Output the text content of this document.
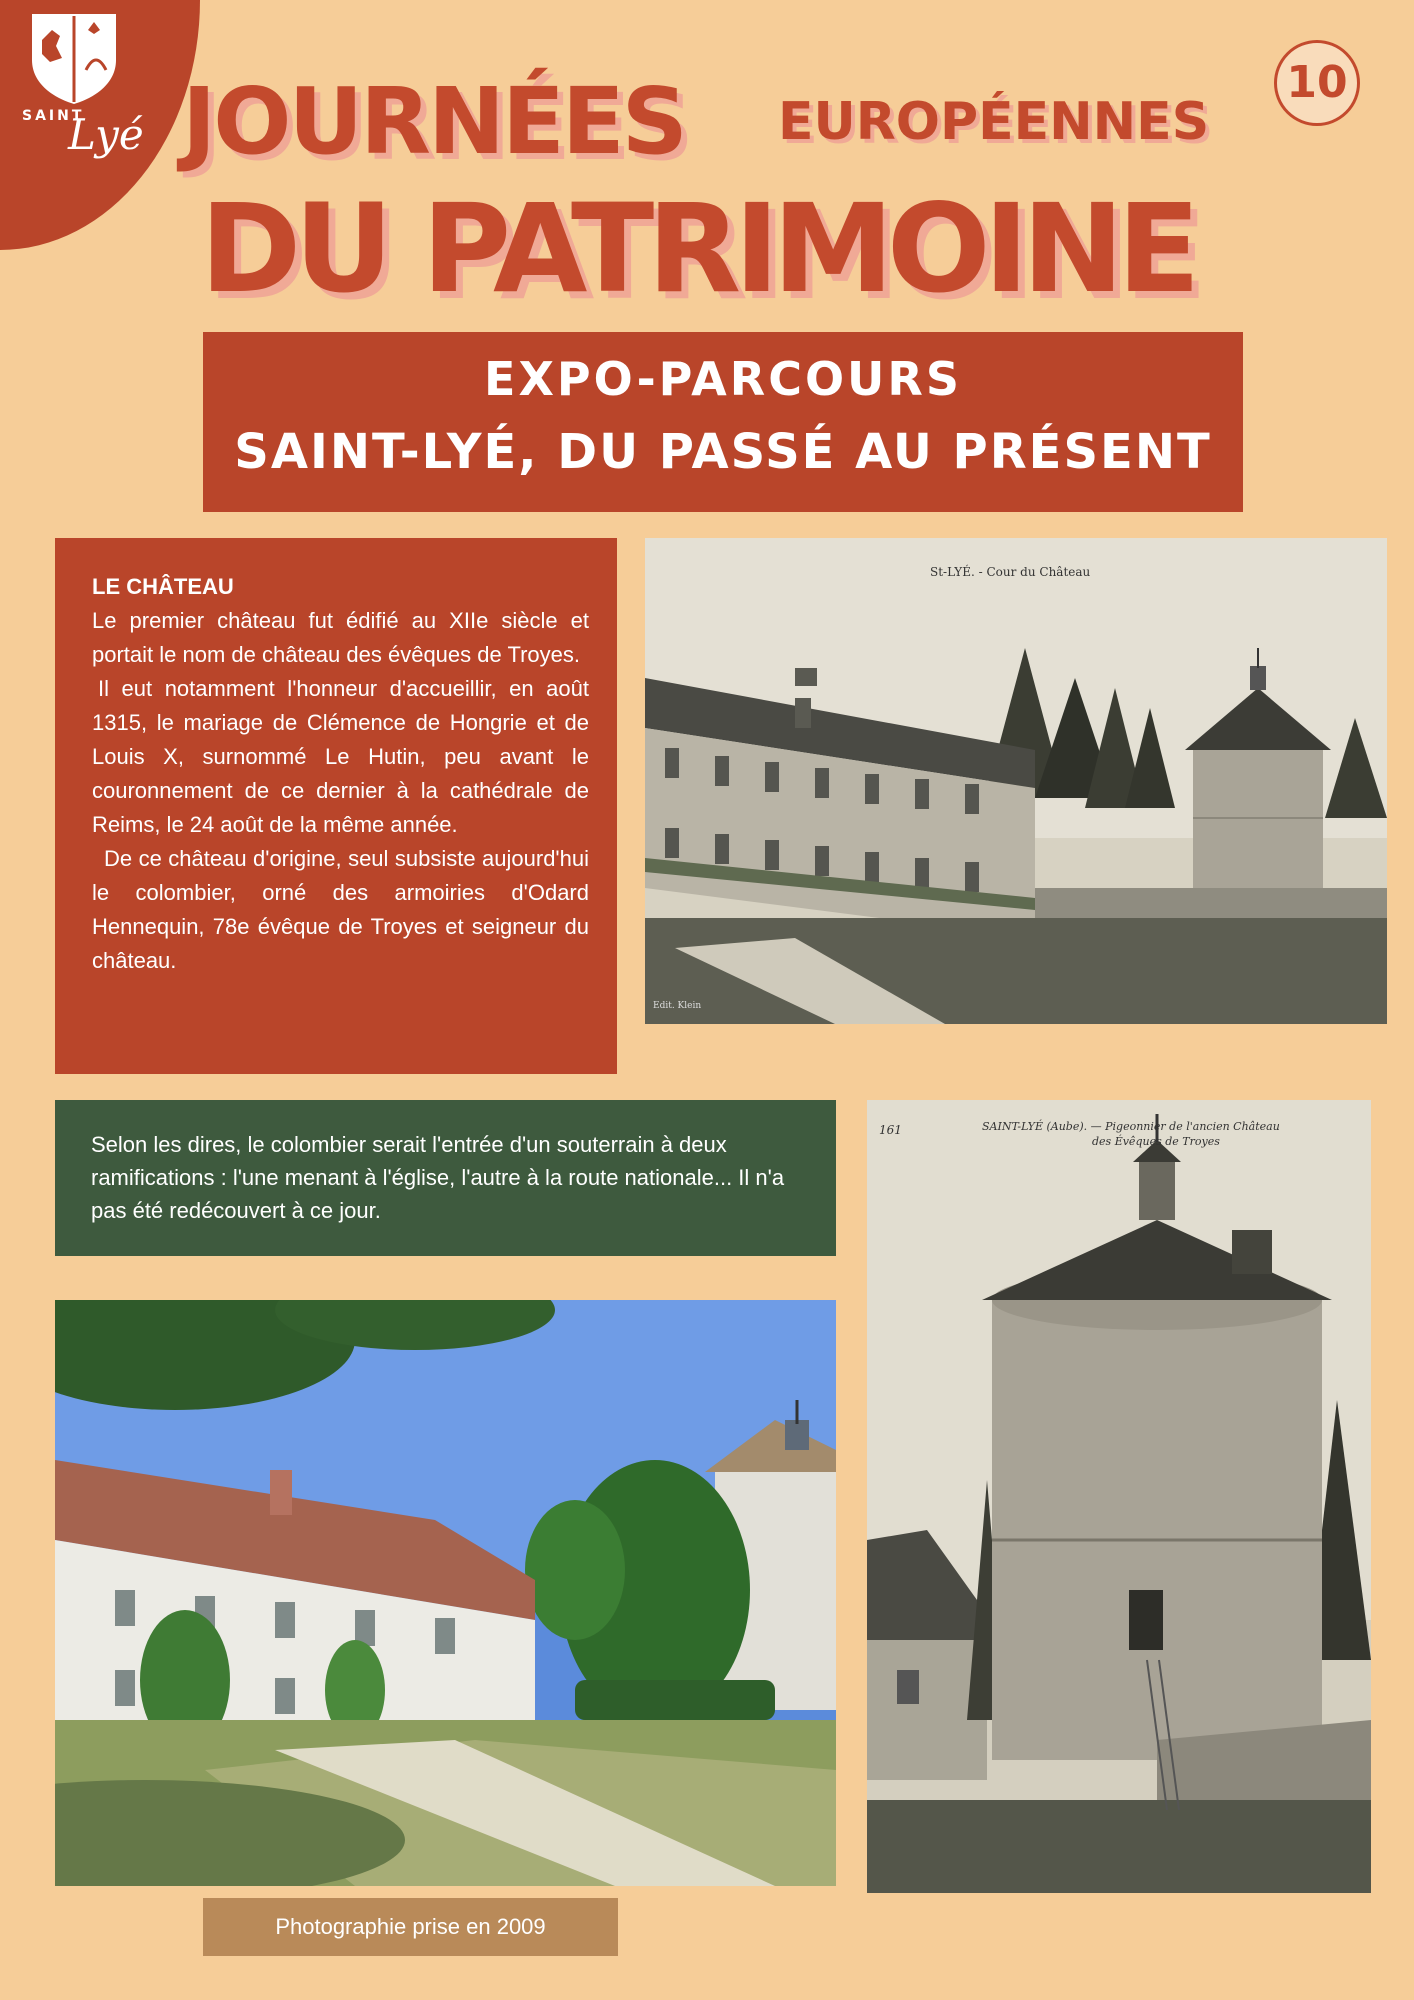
SAINT
Lyé JOURNÉES EUROPÉENNES
DU PATRIMOINE
10
EXPO-PARCOURS
SAINT-LYÉ, DU PASSÉ AU PRÉSENT

LE CHÂTEAU

Le premier château fut édifié au XIIe siècle et portait le nom de château des évêques de Troyes.

Il eut notamment l'honneur d'accueillir, en août 1315, le mariage de Clémence de Hongrie et de Louis X, surnommé Le Hutin, peu avant le couronnement de ce dernier à la cathédrale de Reims, le 24 août de la même année.

De ce château d'origine, seul subsiste aujourd'hui le colombier, orné des armoiries d'Odard Hennequin, 78e évêque de Troyes et seigneur du château.

St-LYÉ. - Cour du Château
Edit. Klein
Selon les dires, le colombier serait l'entrée d'un souterrain à deux ramifications : l'une menant à l'église, l'autre à la route nationale... Il n'a pas été redécouvert à ce jour.
161	SAINT-LYÉ (Aube). — Pigeonnier de l'ancien Château
des Évêques de Troyes
Photographie prise en 2009
